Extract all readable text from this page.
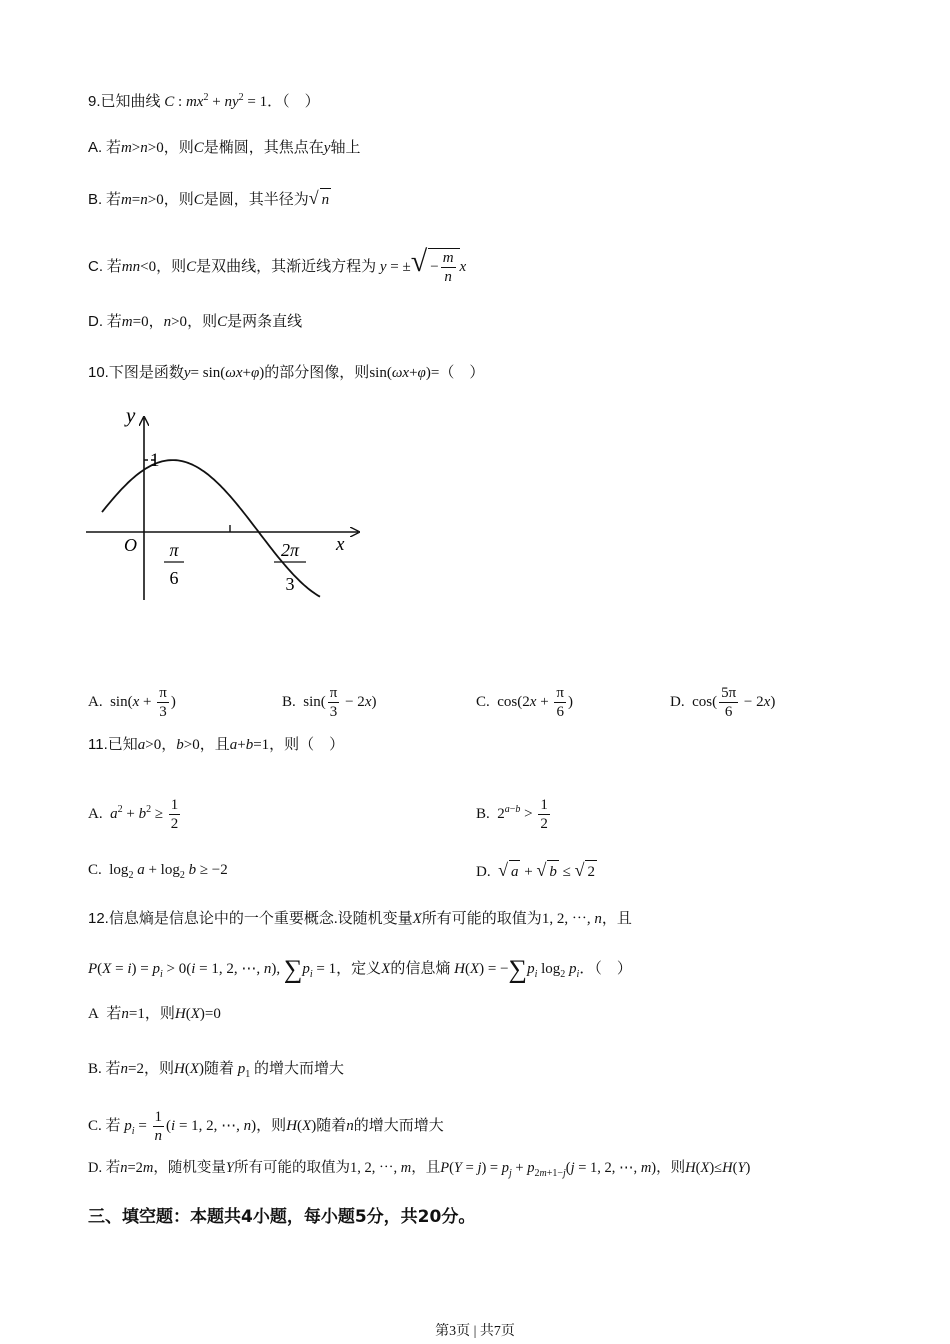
9.已知曲线 C : $mx^2 + ny^2 = 1$．（　）
A. 若m>n>0，则C是椭圆，其焦点在y轴上
B. 若m=n>0，则C是圆，其半径为√ n
C. 若mn<0，则C是双曲线，其渐近线方程为 y = ±√ − $\frac{m}{n}$ x
D. 若m=0，n>0，则C是两条直线
10.下图是函数y= sin(ωx+φ)的部分图像，则sin(ωx+φ)=（　）
y
x
O
1
π
6
2π
3
A.  $\sin(x + \frac{\pi}{3}$ )	B.  $\sin( \frac{\pi}{3} - 2x)$	C.  $\cos(2x + \frac{\pi}{6}$ )	D.  $\cos( \frac{5\pi}{6} - 2x)$
11.已知a>0，b>0，且a+b=1，则（　）
A. $a^2 + b^2 \ge \frac{1}{2}$	B.  $2^{a-b} > \frac{1}{2}$
C.  $\log_2 a + \log_2 b \ge -2$	D. √ a + √ b ≤ √ 2
12.信息熵是信息论中的一个重要概念.设随机变量X所有可能的取值为1, 2, ⋯, n，且
$P(X = i) = p_i > 0(i = 1$, 2, ⋯, n), $\sum p_i = 1$，定义X的信息熵 $H(X) = -\sum p_i$ $\log_2 p_i$．（　）
A 若n=1，则H(X)=0
B. 若n=2，则H(X)随着 $p_1$ 的增大而增大
C. 若 $p_i = \frac{1}{n} (i = 1$, 2, ⋯, n)，则H(X)随着n的增大而增大
D. 若n=2m，随机变量Y所有可能的取值为1, 2, ⋯, m，且$P(Y = j) = p_j + p_{2m+1-j}(j = 1$, 2, ⋯, m)，则H(X)≤H(Y)
三、填空题：本题共4小题，每小题5分，共20分。
第3页 | 共7页
